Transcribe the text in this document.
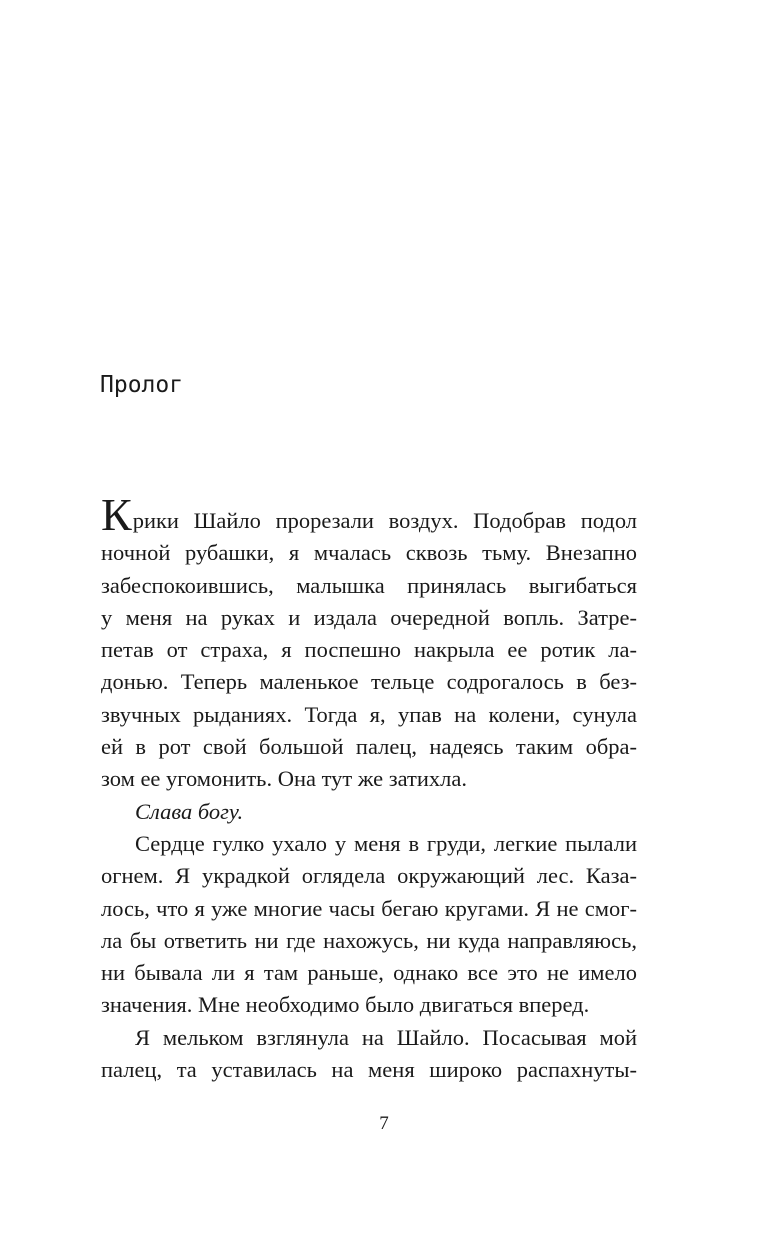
Пролог
Крики Шайло прорезали воздух. Подобрав подол
ночной рубашки, я мчалась сквозь тьму. Внезапно
забеспокоившись, малышка принялась выгибаться
у меня на руках и издала очередной вопль. Затре-
петав от страха, я поспешно накрыла ее ротик ла-
донью. Теперь маленькое тельце содрогалось в без-
звучных рыданиях. Тогда я, упав на колени, сунула
ей в рот свой большой палец, надеясь таким обра-
зом ее угомонить. Она тут же затихла.
Слава богу.
Сердце гулко ухало у меня в груди, легкие пылали
огнем. Я украдкой оглядела окружающий лес. Каза-
лось, что я уже многие часы бегаю кругами. Я не смог-
ла бы ответить ни где нахожусь, ни куда направляюсь,
ни бывала ли я там раньше, однако все это не имело
значения. Мне необходимо было двигаться вперед.
Я мельком взглянула на Шайло. Посасывая мой
палец, та уставилась на меня широко распахнуты-
7
